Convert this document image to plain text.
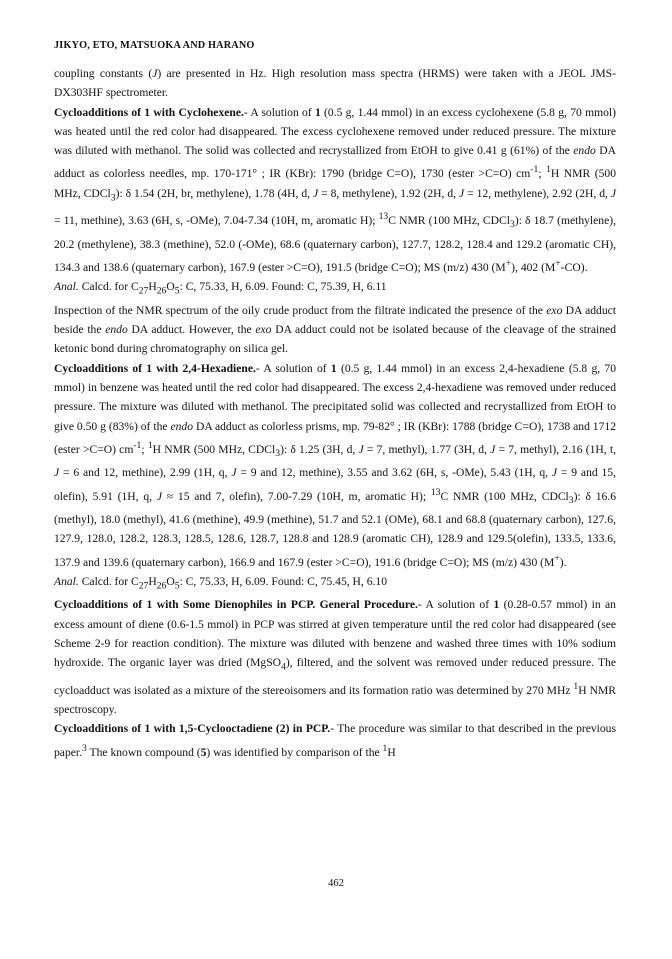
JIKYO, ETO, MATSUOKA AND HARANO

coupling constants (J) are presented in Hz. High resolution mass spectra (HRMS) were taken with a JEOL JMS-DX303HF spectrometer.

Cycloadditions of 1 with Cyclohexene.- A solution of 1 (0.5 g, 1.44 mmol) in an excess cyclohexene (5.8 g, 70 mmol) was heated until the red color had disappeared. The excess cyclohexene removed under reduced pressure. The mixture was diluted with methanol. The solid was collected and recrystallized from EtOH to give 0.41 g (61%) of the endo DA adduct as colorless needles, mp. 170-171° ; IR (KBr): 1790 (bridge C=O), 1730 (ester >C=O) $cm^{-1}$; $^1$H NMR (500 MHz, CDCl$_3$): δ 1.54 (2H, br, methylene), 1.78 (4H, d, J = 8, methylene), 1.92 (2H, d, J = 12, methylene), 2.92 (2H, d, J = 11, methine), 3.63 (6H, s, -OMe), 7.04-7.34 (10H, m, aromatic H); $^{13}$C NMR (100 MHz, CDCl$_3$): δ 18.7 (methylene), 20.2 (methylene), 38.3 (methine), 52.0 (-OMe), 68.6 (quaternary carbon), 127.7, 128.2, 128.4 and 129.2 (aromatic CH), 134.3 and 138.6 (quaternary carbon), 167.9 (ester >C=O), 191.5 (bridge C=O); MS (m/z) 430 (M+), 402 (M+-CO).

Anal. Calcd. for $C_{27}H_{26}O_5$: C, 75.33, H, 6.09. Found: C, 75.39, H, 6.11

Inspection of the NMR spectrum of the oily crude product from the filtrate indicated the presence of the exo DA adduct beside the endo DA adduct. However, the exo DA adduct could not be isolated because of the cleavage of the strained ketonic bond during chromatography on silica gel.

Cycloadditions of 1 with 2,4-Hexadiene.- A solution of 1 (0.5 g, 1.44 mmol) in an excess 2,4-hexadiene (5.8 g, 70 mmol) in benzene was heated until the red color had disappeared. The excess 2,4-hexadiene was removed under reduced pressure. The mixture was diluted with methanol. The precipitated solid was collected and recrystallized from EtOH to give 0.50 g (83%) of the endo DA adduct as colorless prisms, mp. 79-82° ; IR (KBr): 1788 (bridge C=O), 1738 and 1712 (ester >C=O) $cm^{-1}$; $^1$H NMR (500 MHz, CDCl$_3$): δ 1.25 (3H, d, J = 7, methyl), 1.77 (3H, d, J = 7, methyl), 2.16 (1H, t, J = 6 and 12, methine), 2.99 (1H, q, J = 9 and 12, methine), 3.55 and 3.62 (6H, s, -OMe), 5.43 (1H, q, J = 9 and 15, olefin), 5.91 (1H, q, J ≈ 15 and 7, olefin), 7.00-7.29 (10H, m, aromatic H); $^{13}$C NMR (100 MHz, CDCl$_3$): δ 16.6 (methyl), 18.0 (methyl), 41.6 (methine), 49.9 (methine), 51.7 and 52.1 (OMe), 68.1 and 68.8 (quaternary carbon), 127.6, 127.9, 128.0, 128.2, 128.3, 128.5, 128.6, 128.7, 128.8 and 128.9 (aromatic CH), 128.9 and 129.5(olefin), 133.5, 133.6, 137.9 and 139.6 (quaternary carbon), 166.9 and 167.9 (ester >C=O), 191.6 (bridge C=O); MS (m/z) 430 (M+).

Anal. Calcd. for $C_{27}H_{26}O_5$: C, 75.33, H, 6.09. Found: C, 75.45, H, 6.10

Cycloadditions of 1 with Some Dienophiles in PCP. General Procedure.- A solution of 1 (0.28-0.57 mmol) in an excess amount of diene (0.6-1.5 mmol) in PCP was stirred at given temperature until the red color had disappeared (see Scheme 2-9 for reaction condition). The mixture was diluted with benzene and washed three times with 10% sodium hydroxide. The organic layer was dried (MgSO$_4$), filtered, and the solvent was removed under reduced pressure. The cycloadduct was isolated as a mixture of the stereoisomers and its formation ratio was determined by 270 MHz $^1$H NMR spectroscopy.

Cycloadditions of 1 with 1,5-Cyclooctadiene (2) in PCP.- The procedure was similar to that described in the previous paper.$^3$ The known compound (5) was identified by comparison of the $^1$H

462
